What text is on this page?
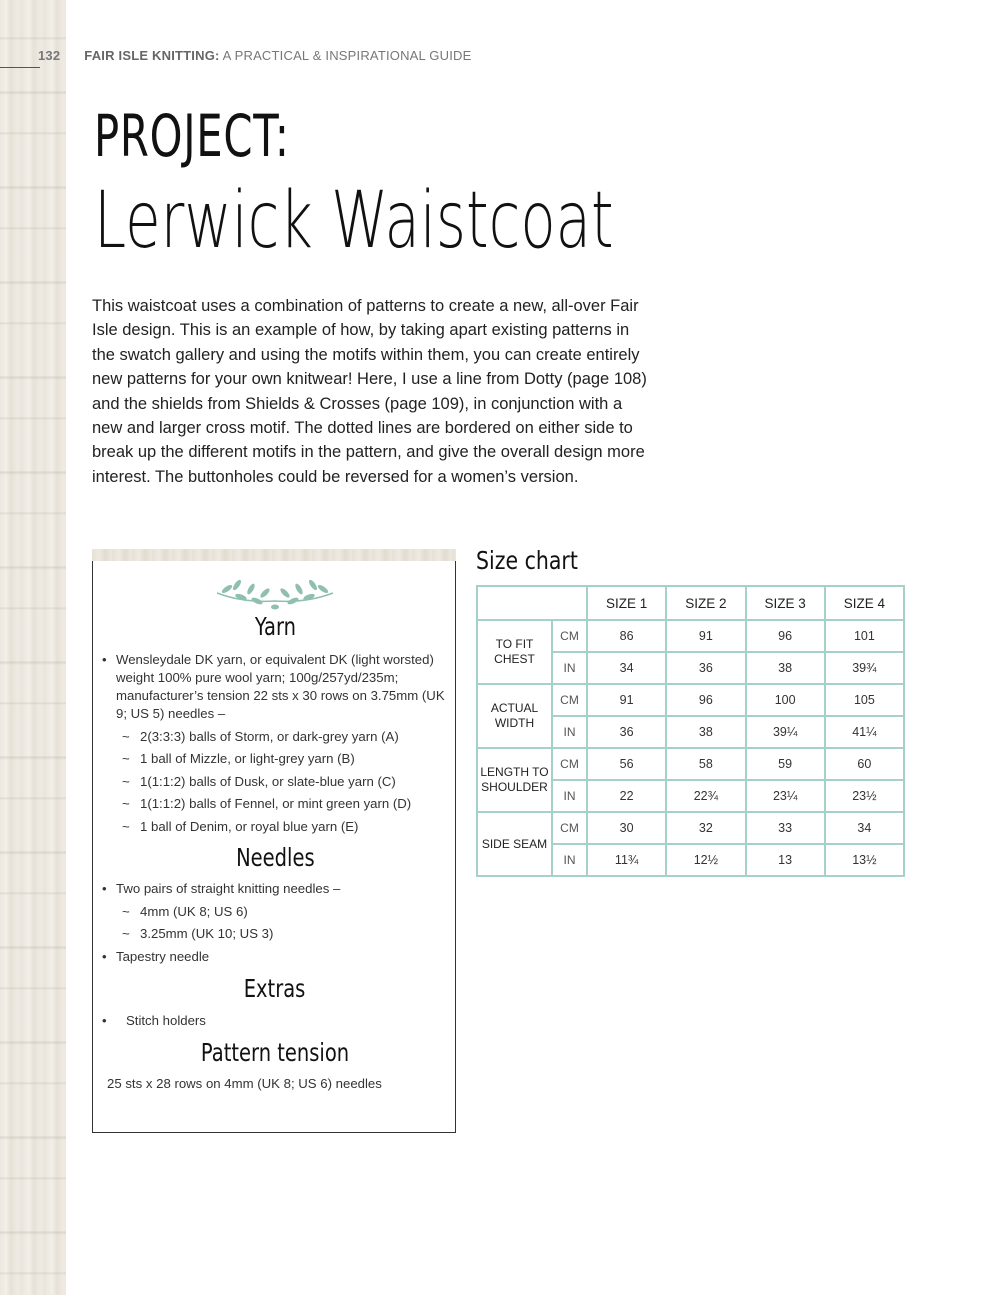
132 FAIR ISLE KNITTING: A PRACTICAL & INSPIRATIONAL GUIDE
PROJECT:
Lerwick Waistcoat

This waistcoat uses a combination of patterns to create a new, all-over Fair Isle design. This is an example of how, by taking apart existing patterns in the swatch gallery and using the motifs within them, you can create entirely new patterns for your own knitwear! Here, I use a line from Dotty (page 108) and the shields from Shields & Crosses (page 109), in conjunction with a new and larger cross motif. The dotted lines are bordered on either side to break up the different motifs in the pattern, and give the overall design more interest. The buttonholes could be reversed for a women’s version.

Yarn
• Wensleydale DK yarn, or equivalent DK (light worsted) weight 100% pure wool yarn; 100g/257yd/235m; manufacturer’s tension 22 sts x 30 rows on 3.75mm (UK 9; US 5) needles –
~ 2(3:3:3) balls of Storm, or dark-grey yarn (A)
~ 1 ball of Mizzle, or light-grey yarn (B)
~ 1(1:1:2) balls of Dusk, or slate-blue yarn (C)
~ 1(1:1:2) balls of Fennel, or mint green yarn (D)
~ 1 ball of Denim, or royal blue yarn (E)
Needles
• Two pairs of straight knitting needles –
~ 4mm (UK 8; US 6)
~ 3.25mm (UK 10; US 3)
• Tapestry needle
Extras
• Stitch holders
Pattern tension
25 sts x 28 rows on 4mm (UK 8; US 6) needles
Size chart
		SIZE 1	SIZE 2	SIZE 3	SIZE 4
TO FIT CHEST	CM	86	91	96	101
	IN	34	36	38	39¾
ACTUAL WIDTH	CM	91	96	100	105
	IN	36	38	39¼	41¼
LENGTH TO SHOULDER	CM	56	58	59	60
	IN	22	22¾	23¼	23½
SIDE SEAM	CM	30	32	33	34
	IN	11¾	12½	13	13½
